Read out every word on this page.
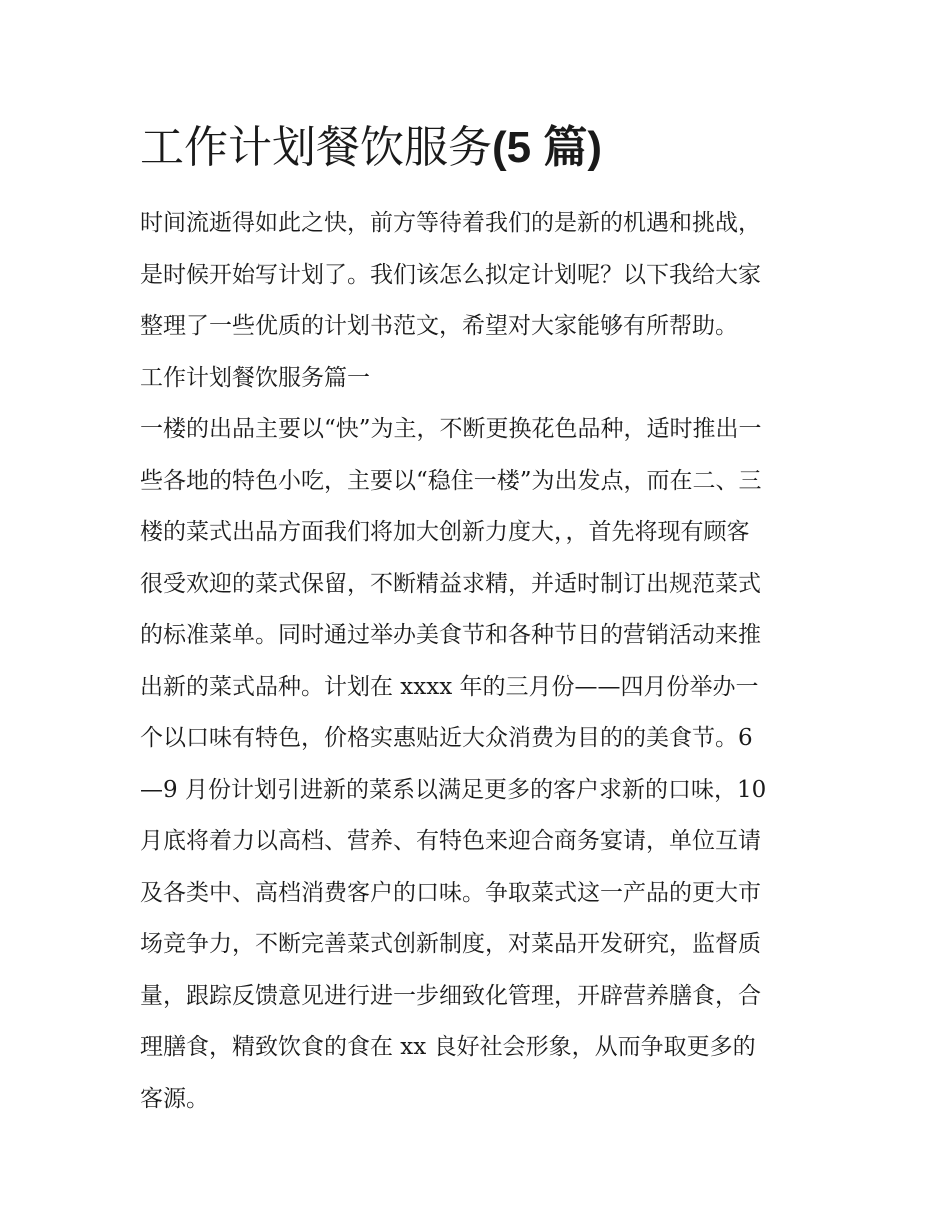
工作计划餐饮服务(5 篇)
时间流逝得如此之快，前方等待着我们的是新的机遇和挑战，
是时候开始写计划了。我们该怎么拟定计划呢？以下我给大家
整理了一些优质的计划书范文，希望对大家能够有所帮助。
工作计划餐饮服务篇一
一楼的出品主要以“快”为主，不断更换花色品种，适时推出一
些各地的特色小吃，主要以“稳住一楼”为出发点，而在二、三
楼的菜式出品方面我们将加大创新力度大，，首先将现有顾客
很受欢迎的菜式保留，不断精益求精，并适时制订出规范菜式
的标准菜单。同时通过举办美食节和各种节日的营销活动来推
出新的菜式品种。计划在 xxxx 年的三月份——四月份举办一
个以口味有特色，价格实惠贴近大众消费为目的的美食节。6
—9 月份计划引进新的菜系以满足更多的客户求新的口味，10
月底将着力以高档、营养、有特色来迎合商务宴请，单位互请
及各类中、高档消费客户的口味。争取菜式这一产品的更大市
场竞争力，不断完善菜式创新制度，对菜品开发研究，监督质
量，跟踪反馈意见进行进一步细致化管理，开辟营养膳食，合
理膳食，精致饮食的食在 xx 良好社会形象，从而争取更多的
客源。
